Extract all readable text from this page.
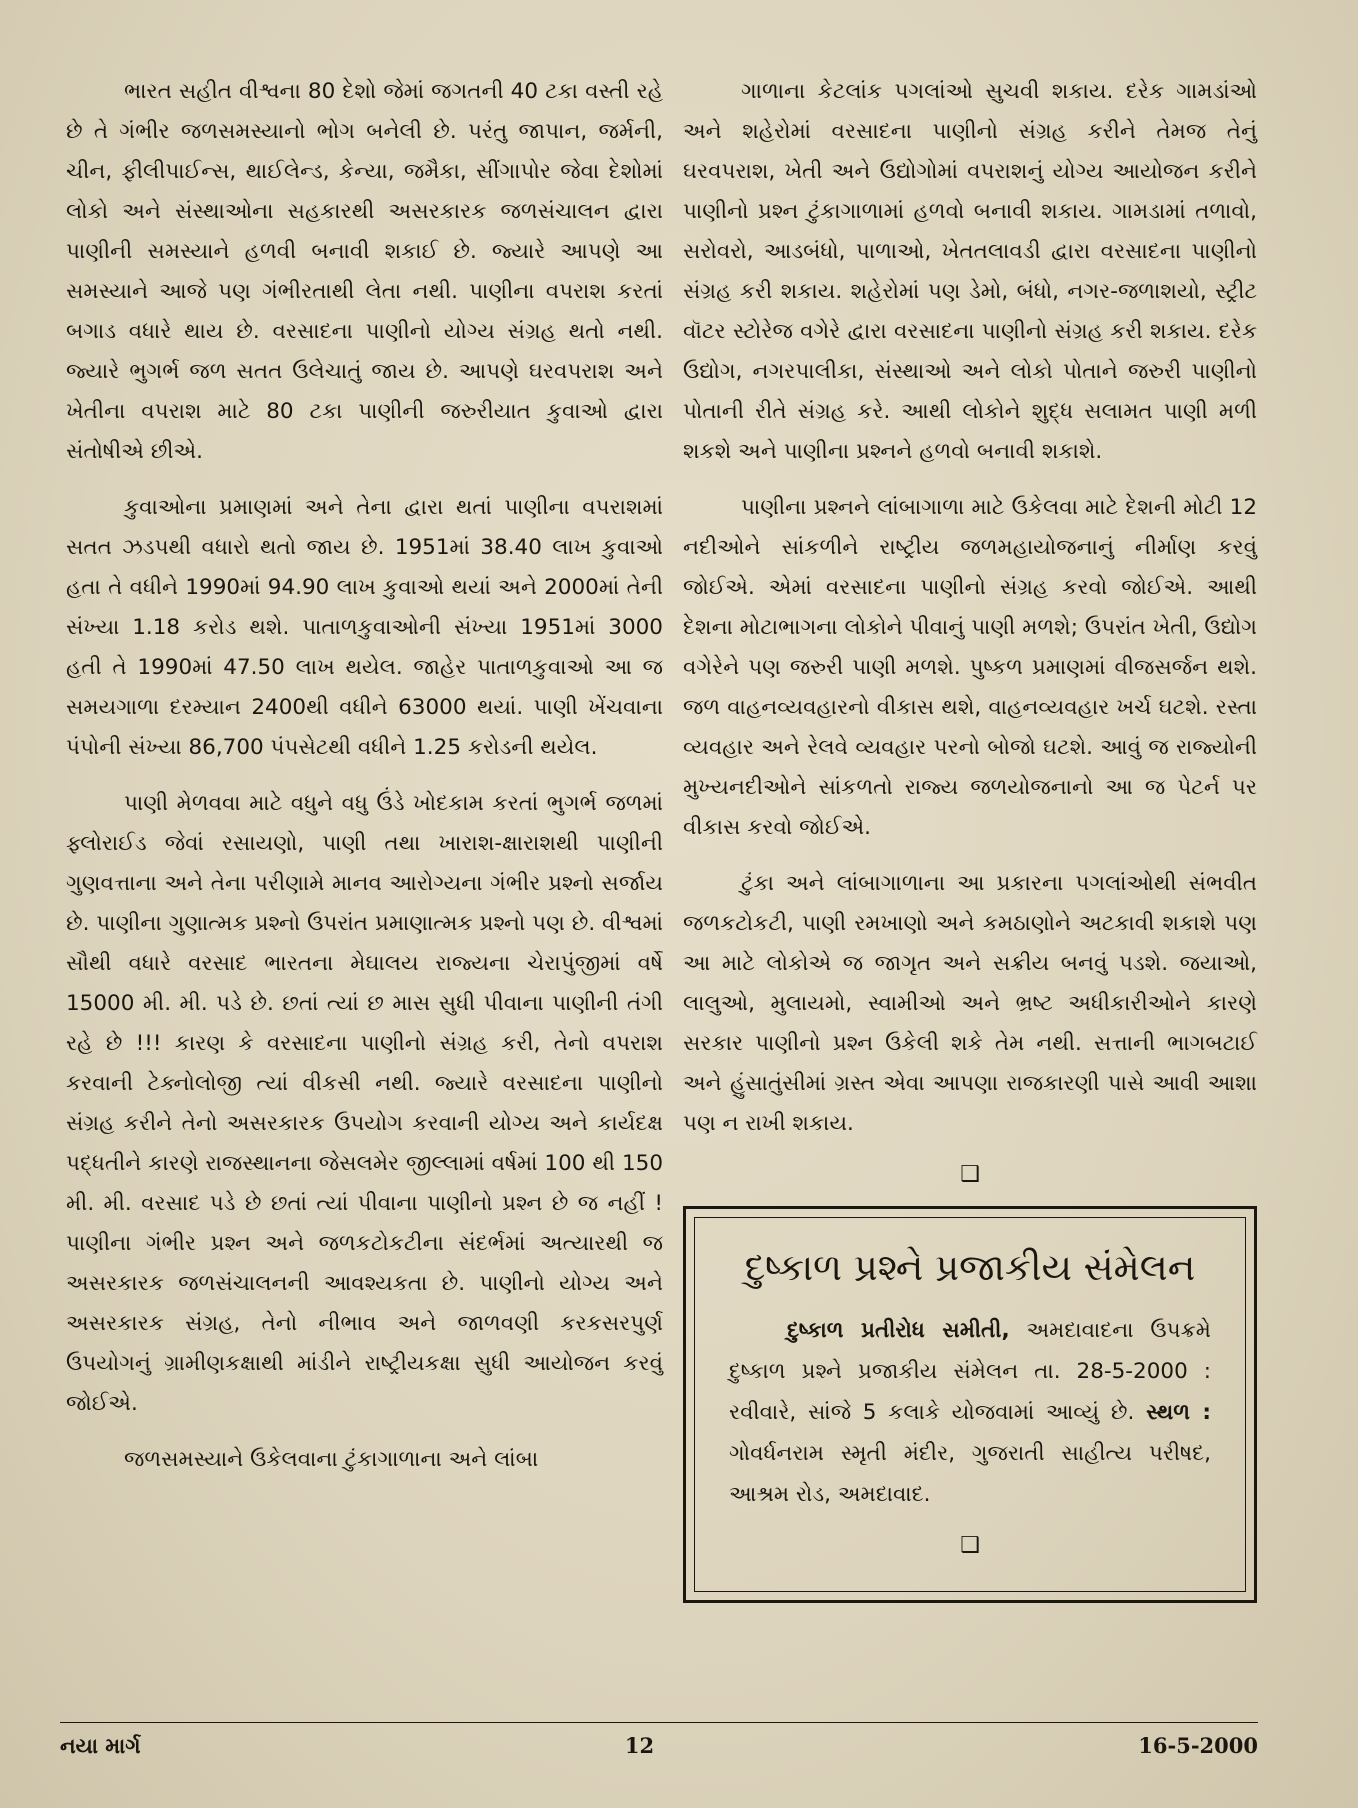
ભારત સહીત વીશ્વના 80 દેશો જેમાં જગતની 40 ટકા વસ્તી રહે છે તે ગંભીર જળસમસ્યાનો ભોગ બનેલી છે. પરંતુ જાપાન, જર્મની, ચીન, ફીલીપાઈન્સ, થાઈલેન્ડ, કેન્યા, જમૈકા, સીંગાપોર જેવા દેશોમાં લોકો અને સંસ્થાઓના સહકારથી અસરકારક જળસંચાલન દ્વારા પાણીની સમસ્યાને હળવી બનાવી શકાઈ છે. જ્યારે આપણે આ સમસ્યાને આજે પણ ગંભીરતાથી લેતા નથી. પાણીના વપરાશ કરતાં બગાડ વધારે થાય છે. વરસાદના પાણીનો યોગ્ય સંગ્રહ થતો નથી. જ્યારે ભુગર્ભ જળ સતત ઉલેચાતું જાય છે. આપણે ઘરવપરાશ અને ખેતીના વપરાશ માટે 80 ટકા પાણીની જરુરીયાત કુવાઓ દ્વારા સંતોષીએ છીએ.

કુવાઓના પ્રમાણમાં અને તેના દ્વારા થતાં પાણીના વપરાશમાં સતત ઝડપથી વધારો થતો જાય છે. 1951માં 38.40 લાખ કુવાઓ હતા તે વધીને 1990માં 94.90 લાખ કુવાઓ થયાં અને 2000માં તેની સંખ્યા 1.18 કરોડ થશે. પાતાળકુવાઓની સંખ્યા 1951માં 3000 હતી તે 1990માં 47.50 લાખ થયેલ. જાહેર પાતાળકુવાઓ આ જ સમયગાળા દરમ્યાન 2400થી વધીને 63000 થયાં. પાણી ખેંચવાના પંપોની સંખ્યા 86,700 પંપસેટથી વધીને 1.25 કરોડની થયેલ.

પાણી મેળવવા માટે વધુને વધુ ઉંડે ખોદકામ કરતાં ભુગર્ભ જળમાં ફ્લોરાઈડ જેવાં રસાયણો, પાણી તથા ખારાશ-ક્ષારાશથી પાણીની ગુણવત્તાના અને તેના પરીણામે માનવ આરોગ્યના ગંભીર પ્રશ્નો સર્જાય છે. પાણીના ગુણાત્મક પ્રશ્નો ઉપરાંત પ્રમાણાત્મક પ્રશ્નો પણ છે. વીશ્વમાં સૌથી વધારે વરસાદ ભારતના મેઘાલય રાજ્યના ચેરાપુંજીમાં વર્ષે 15000 મી. મી. પડે છે. છતાં ત્યાં છ માસ સુધી પીવાના પાણીની તંગી રહે છે !!! કારણ કે વરસાદના પાણીનો સંગ્રહ કરી, તેનો વપરાશ કરવાની ટેક્નોલોજી ત્યાં વીકસી નથી. જ્યારે વરસાદના પાણીનો સંગ્રહ કરીને તેનો અસરકારક ઉપયોગ કરવાની યોગ્ય અને કાર્યદક્ષ પદ્ધતીને કારણે રાજસ્થાનના જેસલમેર જીલ્લામાં વર્ષમાં 100 થી 150 મી. મી. વરસાદ પડે છે છતાં ત્યાં પીવાના પાણીનો પ્રશ્ન છે જ નહીં ! પાણીના ગંભીર પ્રશ્ન અને જળકટોકટીના સંદર્ભમાં અત્યારથી જ અસરકારક જળસંચાલનની આવશ્યકતા છે. પાણીનો યોગ્ય અને અસરકારક સંગ્રહ, તેનો નીભાવ અને જાળવણી કરકસરપુર્ણ ઉપયોગનું ગ્રામીણકક્ષાથી માંડીને રાષ્ટ્રીયકક્ષા સુધી આયોજન કરવું જોઈએ.

જળસમસ્યાને ઉકેલવાના ટુંકાગાળાના અને લાંબા

ગાળાના કેટલાંક પગલાંઓ સુચવી શકાય. દરેક ગામડાંઓ અને શહેરોમાં વરસાદના પાણીનો સંગ્રહ કરીને તેમજ તેનું ઘરવપરાશ, ખેતી અને ઉદ્યોગોમાં વપરાશનું યોગ્ય આયોજન કરીને પાણીનો પ્રશ્ન ટુંકાગાળામાં હળવો બનાવી શકાય. ગામડામાં તળાવો, સરોવરો, આડબંધો, પાળાઓ, ખેતતલાવડી દ્વારા વરસાદના પાણીનો સંગ્રહ કરી શકાય. શહેરોમાં પણ ડેમો, બંધો, નગર-જળાશયો, સ્ટ્રીટ વૉટર સ્ટોરેજ વગેરે દ્વારા વરસાદના પાણીનો સંગ્રહ કરી શકાય. દરેક ઉદ્યોગ, નગરપાલીકા, સંસ્થાઓ અને લોકો પોતાને જરુરી પાણીનો પોતાની રીતે સંગ્રહ કરે. આથી લોકોને શુદ્ધ સલામત પાણી મળી શકશે અને પાણીના પ્રશ્નને હળવો બનાવી શકાશે.

પાણીના પ્રશ્નને લાંબાગાળા માટે ઉકેલવા માટે દેશની મોટી 12 નદીઓને સાંકળીને રાષ્ટ્રીય જળમહાયોજનાનું નીર્માણ કરવું જોઈએ. એમાં વરસાદના પાણીનો સંગ્રહ કરવો જોઈએ. આથી દેશના મોટાભાગના લોકોને પીવાનું પાણી મળશે; ઉપરાંત ખેતી, ઉદ્યોગ વગેરેને પણ જરુરી પાણી મળશે. પુષ્કળ પ્રમાણમાં વીજસર્જન થશે. જળ વાહનવ્યવહારનો વીકાસ થશે, વાહનવ્યવહાર ખર્ચ ઘટશે. રસ્તા વ્યવહાર અને રેલવે વ્યવહાર પરનો બોજો ઘટશે. આવું જ રાજ્યોની મુખ્યનદીઓને સાંકળતો રાજ્ય જળયોજનાનો આ જ પેટર્ન પર વીકાસ કરવો જોઈએ.

ટુંકા અને લાંબાગાળાના આ પ્રકારના પગલાંઓથી સંભવીત જળકટોકટી, પાણી રમખાણો અને કમઠાણોને અટકાવી શકાશે પણ આ માટે લોકોએ જ જાગૃત અને સક્રીય બનવું પડશે. જયાઓ, લાલુઓ, મુલાયમો, સ્વામીઓ અને ભ્રષ્ટ અધીકારીઓને કારણે સરકાર પાણીનો પ્રશ્ન ઉકેલી શકે તેમ નથી. સત્તાની ભાગબટાઈ અને હુંસાતુંસીમાં ગ્રસ્ત એવા આપણા રાજકારણી પાસે આવી આશા પણ ન રાખી શકાય.

❑
દુષ્કાળ પ્રશ્ને પ્રજાકીય સંમેલન

દુષ્કાળ પ્રતીરોધ સમીતી, અમદાવાદના ઉપક્રમે દુષ્કાળ પ્રશ્ને પ્રજાકીય સંમેલન તા. 28-5-2000 : રવીવારે, સાંજે 5 કલાકે યોજવામાં આવ્યું છે. સ્થળ : ગોવર્ધનરામ સ્મૃતી મંદીર, ગુજરાતી સાહીત્ય પરીષદ, આશ્રમ રોડ, અમદાવાદ.

❑
નયા માર્ગ	12	16-5-2000
